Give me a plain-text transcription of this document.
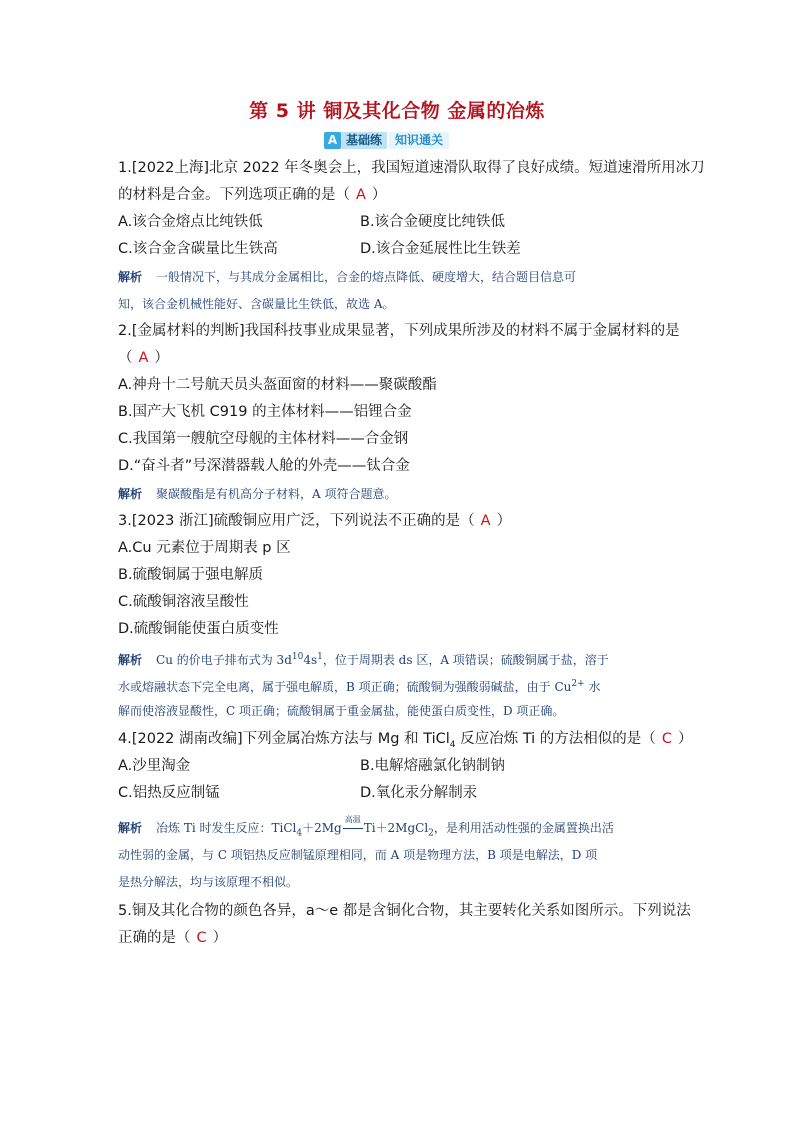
第 5 讲 铜及其化合物 金属的冶炼
A 基础练	知识通关
1.[2022上海]北京 2022 年冬奥会上，我国短道速滑队取得了良好成绩。短道速滑所用冰刀
的材料是合金。下列选项正确的是（ A ）
A.该合金熔点比纯铁低	B.该合金硬度比纯铁低
C.该合金含碳量比生铁高	D.该合金延展性比生铁差
解析 一般情况下，与其成分金属相比，合金的熔点降低、硬度增大，结合题目信息可
知，该合金机械性能好、含碳量比生铁低，故选 A。
2.[金属材料的判断]我国科技事业成果显著，下列成果所涉及的材料不属于金属材料的是
（ A ）
A.神舟十二号航天员头盔面窗的材料——聚碳酸酯
B.国产大飞机 C919 的主体材料——铝锂合金
C.我国第一艘航空母舰的主体材料——合金钢
D.“奋斗者”号深潜器载人舱的外壳——钛合金
解析 聚碳酸酯是有机高分子材料，A 项符合题意。
3.[2023 浙江]硫酸铜应用广泛，下列说法不正确的是（ A ）
A.Cu 元素位于周期表 p 区
B.硫酸铜属于强电解质
C.硫酸铜溶液呈酸性
D.硫酸铜能使蛋白质变性
解析 Cu 的价电子排布式为 $3d^{10}4s^1$，位于周期表 ds 区，A 项错误；硫酸铜属于盐，溶于
水或熔融状态下完全电离，属于强电解质，B 项正确；硫酸铜为强酸弱碱盐，由于 $Cu^{2+}$ 水
解而使溶液显酸性，C 项正确；硫酸铜属于重金属盐，能使蛋白质变性，D 项正确。
4.[2022 湖南改编]下列金属冶炼方法与 Mg 和 TiCl$_4$ 反应冶炼 Ti 的方法相似的是（ C ）
A.沙里淘金	B.电解熔融氯化钠制钠
C.铝热反应制锰	D.氧化汞分解制汞
解析 冶炼 Ti 时发生反应：TiCl$_4$＋2Mg
高温
Ti＋2MgCl$_2$，是利用活动性强的金属置换出活
动性弱的金属，与 C 项铝热反应制锰原理相同，而 A 项是物理方法，B 项是电解法，D 项
是热分解法，均与该原理不相似。
5.铜及其化合物的颜色各异，a～e 都是含铜化合物，其主要转化关系如图所示。下列说法
正确的是（ C ）
